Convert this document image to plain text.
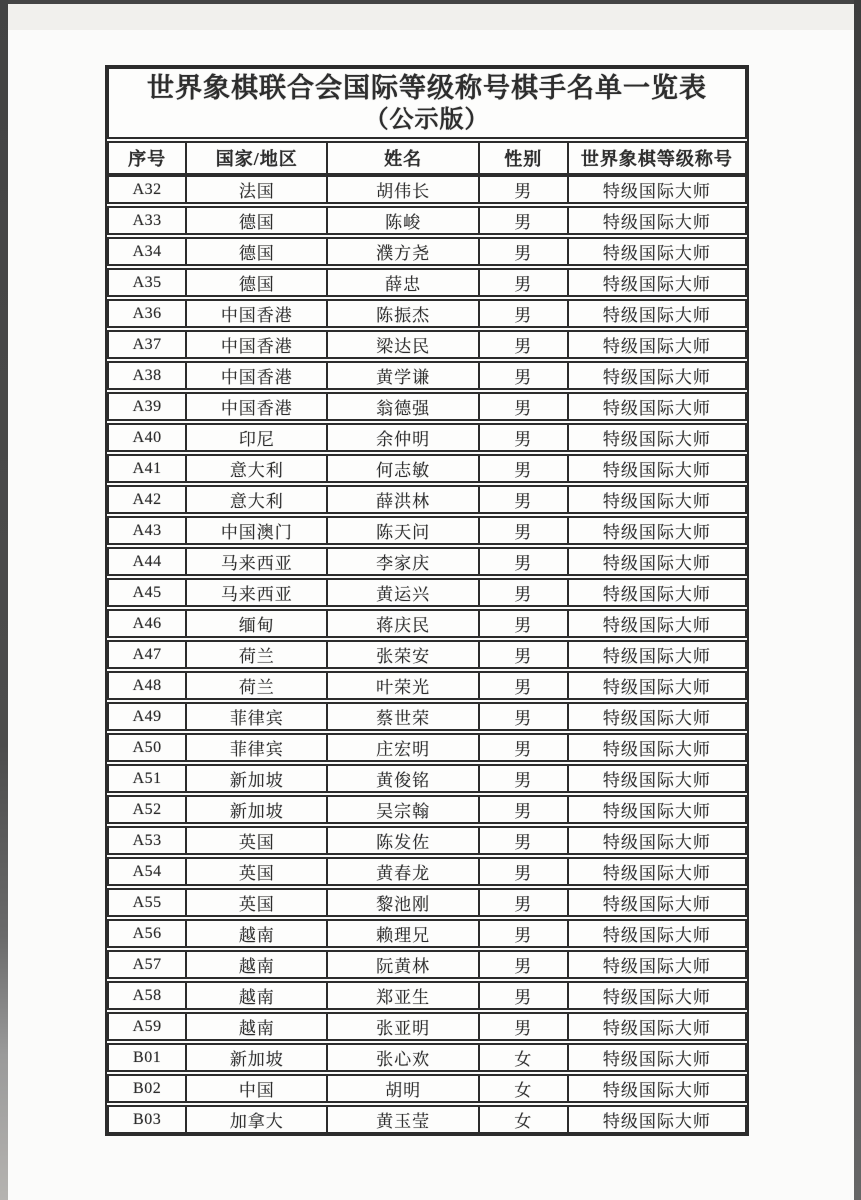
世界象棋联合会国际等级称号棋手名单一览表
（公示版）
序号	国家/地区	姓名	性别	世界象棋等级称号
A32	法国	胡伟长	男	特级国际大师
A33	德国	陈峻	男	特级国际大师
A34	德国	濮方尧	男	特级国际大师
A35	德国	薛忠	男	特级国际大师
A36	中国香港	陈振杰	男	特级国际大师
A37	中国香港	梁达民	男	特级国际大师
A38	中国香港	黄学谦	男	特级国际大师
A39	中国香港	翁德强	男	特级国际大师
A40	印尼	余仲明	男	特级国际大师
A41	意大利	何志敏	男	特级国际大师
A42	意大利	薛洪林	男	特级国际大师
A43	中国澳门	陈天问	男	特级国际大师
A44	马来西亚	李家庆	男	特级国际大师
A45	马来西亚	黄运兴	男	特级国际大师
A46	缅甸	蒋庆民	男	特级国际大师
A47	荷兰	张荣安	男	特级国际大师
A48	荷兰	叶荣光	男	特级国际大师
A49	菲律宾	蔡世荣	男	特级国际大师
A50	菲律宾	庄宏明	男	特级国际大师
A51	新加坡	黄俊铭	男	特级国际大师
A52	新加坡	吴宗翰	男	特级国际大师
A53	英国	陈发佐	男	特级国际大师
A54	英国	黄春龙	男	特级国际大师
A55	英国	黎池刚	男	特级国际大师
A56	越南	赖理兄	男	特级国际大师
A57	越南	阮黄林	男	特级国际大师
A58	越南	郑亚生	男	特级国际大师
A59	越南	张亚明	男	特级国际大师
B01	新加坡	张心欢	女	特级国际大师
B02	中国	胡明	女	特级国际大师
B03	加拿大	黄玉莹	女	特级国际大师
